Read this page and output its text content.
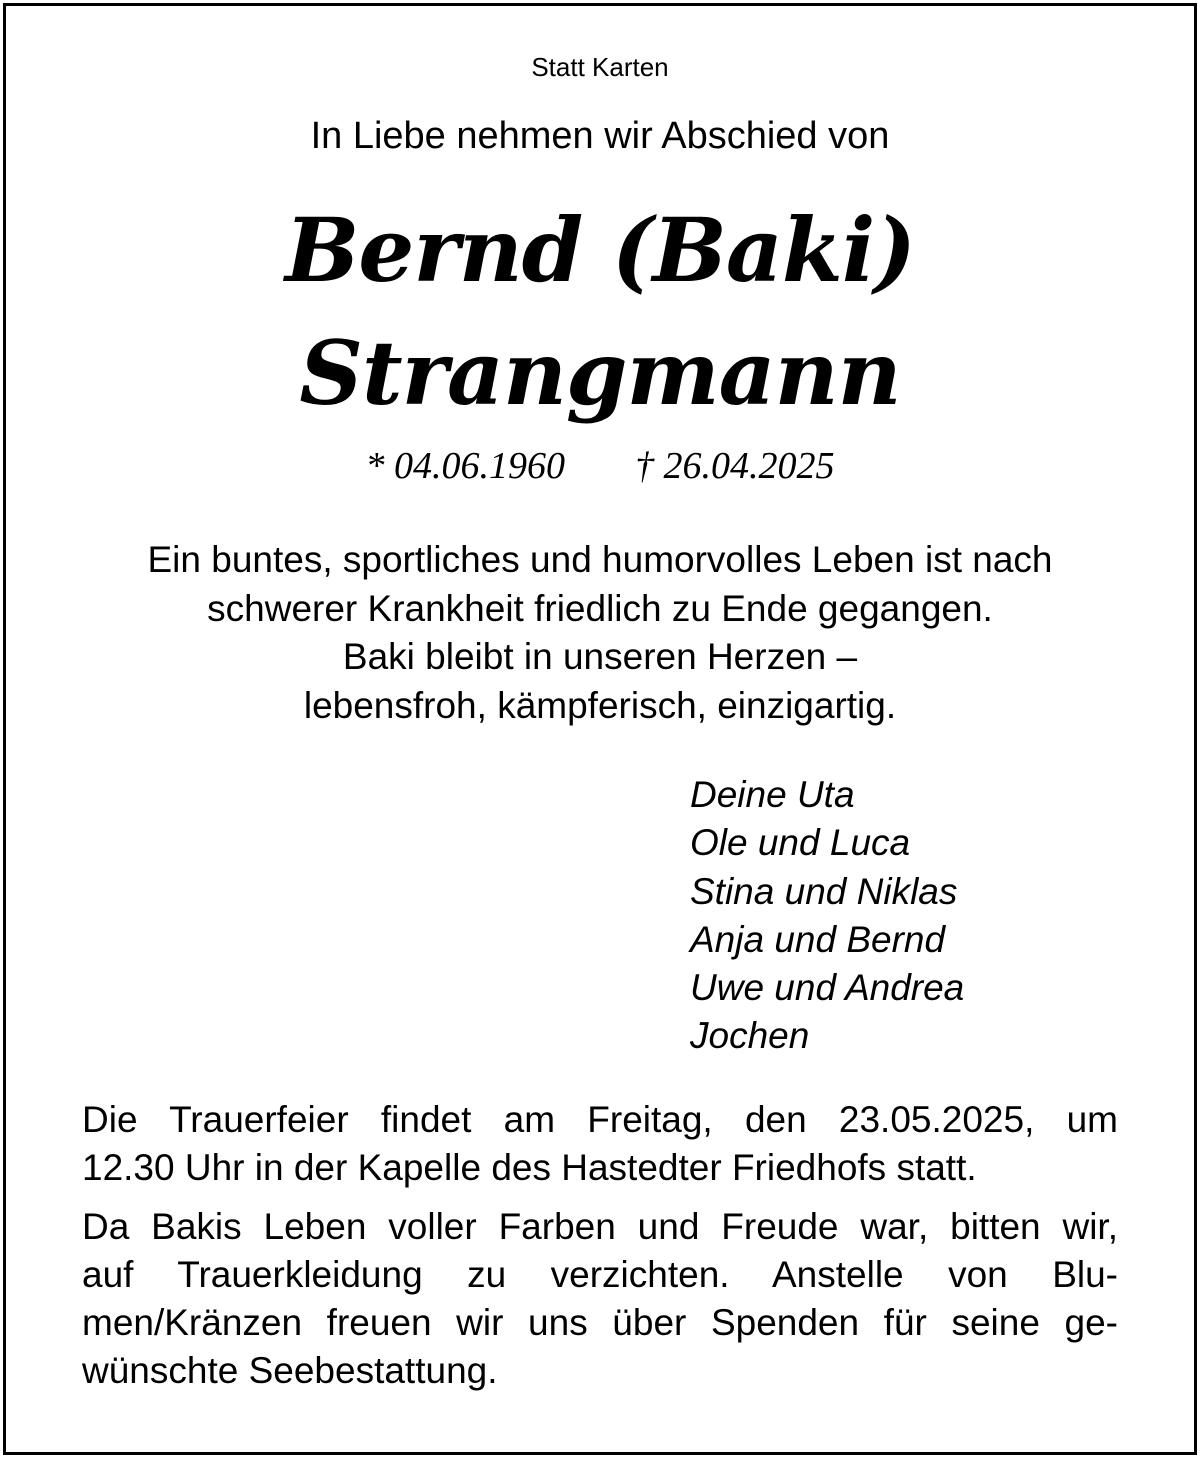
Statt Karten
In Liebe nehmen wir Abschied von
Bernd (Baki)
Strangmann
* 04.06.1960 † 26.04.2025
Ein buntes, sportliches und humorvolles Leben ist nach
schwerer Krankheit friedlich zu Ende gegangen.
Baki bleibt in unseren Herzen –
lebensfroh, kämpferisch, einzigartig.
Deine Uta
Ole und Luca
Stina und Niklas
Anja und Bernd
Uwe und Andrea
Jochen
Die Trauerfeier findet am Freitag, den 23.05.2025, um
12.30 Uhr in der Kapelle des Hastedter Friedhofs statt.
Da Bakis Leben voller Farben und Freude war, bitten wir,
auf Trauerkleidung zu verzichten. Anstelle von Blu-
men/Kränzen freuen wir uns über Spenden für seine ge-
wünschte Seebestattung.
